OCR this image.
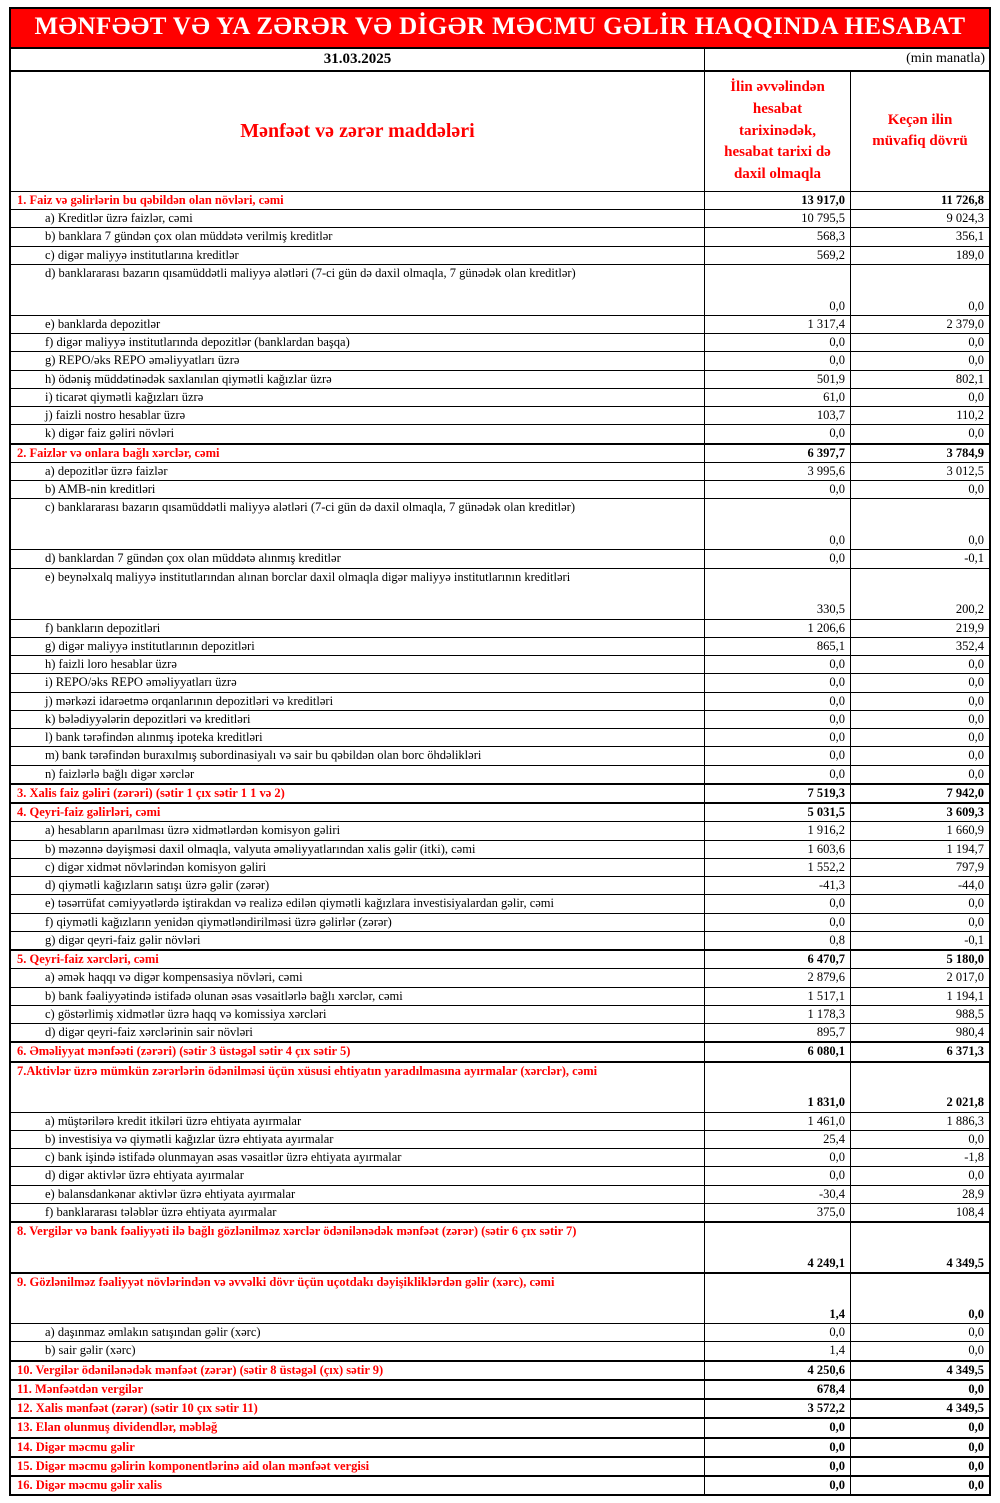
MƏNFƏƏT VƏ YA ZƏRƏR VƏ DİGƏR MƏCMU GƏLİR HAQQINDA HESABAT
31.03.2025	(min manatla)
Mənfəət və zərər maddələri
İlin əvvəlindən hesabat tarixinədək, hesabat tarixi də daxil olmaqla
Keçən ilin müvafiq dövrü
1. Faiz və gəlirlərin bu qəbildən olan növləri, cəmi	13 917,0	11 726,8
a) Kreditlər üzrə faizlər, cəmi	10 795,5	9 024,3
b) banklara 7 gündən çox olan müddətə verilmiş kreditlər	568,3	356,1
c) digər maliyyə institutlarına kreditlər	569,2	189,0
d) banklararası bazarın qısamüddətli maliyyə alətləri (7-ci gün də daxil olmaqla, 7 günədək olan kreditlər)
0,0	0,0
e) banklarda depozitlər	1 317,4	2 379,0
f) digər maliyyə institutlarında depozitlər (banklardan başqa)	0,0	0,0
g) REPO/əks REPO əməliyyatları üzrə	0,0	0,0
h) ödəniş müddətinədək saxlanılan qiymətli kağızlar üzrə	501,9	802,1
i) ticarət qiymətli kağızları üzrə	61,0	0,0
j) faizli nostro hesablar üzrə	103,7	110,2
k) digər faiz gəliri növləri	0,0	0,0
2. Faizlər və onlara bağlı xərclər, cəmi	6 397,7	3 784,9
a) depozitlər üzrə faizlər	3 995,6	3 012,5
b) AMB-nin kreditləri	0,0	0,0
c) banklararası bazarın qısamüddətli maliyyə alətləri (7-ci gün də daxil olmaqla, 7 günədək olan kreditlər)
0,0	0,0
d) banklardan 7 gündən çox olan müddətə alınmış kreditlər	0,0	-0,1
e) beynəlxalq maliyyə institutlarından alınan borclar daxil olmaqla digər maliyyə institutlarının kreditləri
330,5	200,2
f) bankların depozitləri	1 206,6	219,9
g) digər maliyyə institutlarının depozitləri	865,1	352,4
h) faizli loro hesablar üzrə	0,0	0,0
i) REPO/əks REPO əməliyyatları üzrə	0,0	0,0
j) mərkəzi idarəetmə orqanlarının depozitləri və kreditləri	0,0	0,0
k) bələdiyyələrin depozitləri və kreditləri	0,0	0,0
l) bank tərəfindən alınmış ipoteka kreditləri	0,0	0,0
m) bank tərəfindən buraxılmış subordinasiyalı və sair bu qəbildən olan borc öhdəlikləri	0,0	0,0
n) faizlərlə bağlı digər xərclər	0,0	0,0
3. Xalis faiz gəliri (zərəri) (sətir 1 çıx sətir 1 1 və 2)	7 519,3	7 942,0
4. Qeyri-faiz gəlirləri, cəmi	5 031,5	3 609,3
a) hesabların aparılması üzrə xidmətlərdən komisyon gəliri	1 916,2	1 660,9
b) məzənnə dəyişməsi daxil olmaqla, valyuta əməliyyatlarından xalis gəlir (itki), cəmi	1 603,6	1 194,7
c) digər xidmət növlərindən komisyon gəliri	1 552,2	797,9
d) qiymətli kağızların satışı üzrə gəlir (zərər)	-41,3	-44,0
e) təsərrüfat cəmiyyətlərdə iştirakdan və realizə edilən qiymətli kağızlara investisiyalardan gəlir, cəmi	0,0	0,0
f) qiymətli kağızların yenidən qiymətləndirilməsi üzrə gəlirlər (zərər)	0,0	0,0
g) digər qeyri-faiz gəlir növləri	0,8	-0,1
5. Qeyri-faiz xərcləri, cəmi	6 470,7	5 180,0
a) əmək haqqı və digər kompensasiya növləri, cəmi	2 879,6	2 017,0
b) bank fəaliyyətində istifadə olunan əsas vəsaitlərlə bağlı xərclər, cəmi	1 517,1	1 194,1
c) göstərlimiş xidmətlər üzrə haqq və komissiya xərcləri	1 178,3	988,5
d) digər qeyri-faiz xərclərinin sair növləri	895,7	980,4
6. Əməliyyat mənfəəti (zərəri) (sətir 3 üstəgəl sətir 4 çıx sətir 5)	6 080,1	6 371,3
7.Aktivlər üzrə mümkün zərərlərin ödənilməsi üçün xüsusi ehtiyatın yaradılmasına ayırmalar (xərclər), cəmi
1 831,0	2 021,8
a) müştərilərə kredit itkiləri üzrə ehtiyata ayırmalar	1 461,0	1 886,3
b) investisiya və qiymətli kağızlar üzrə ehtiyata ayırmalar	25,4	0,0
c) bank işində istifadə olunmayan əsas vəsaitlər üzrə ehtiyata ayırmalar	0,0	-1,8
d) digər aktivlər üzrə ehtiyata ayırmalar	0,0	0,0
e) balansdankənar aktivlər üzrə ehtiyata ayırmalar	-30,4	28,9
f) banklararası tələblər üzrə ehtiyata ayırmalar	375,0	108,4
8. Vergilər və bank fəaliyyəti ilə bağlı gözlənilməz xərclər ödənilənədək mənfəət (zərər) (sətir 6 çıx sətir 7)
4 249,1	4 349,5
9. Gözlənilməz fəaliyyət növlərindən və əvvəlki dövr üçün uçotdakı dəyişikliklərdən gəlir (xərc), cəmi
1,4	0,0
a) daşınmaz əmlakın satışından gəlir (xərc)	0,0	0,0
b) sair gəlir (xərc)	1,4	0,0
10. Vergilər ödənilənədək mənfəət (zərər) (sətir 8 üstəgəl (çıx) sətir 9)	4 250,6	4 349,5
11. Mənfəətdən vergilər	678,4	0,0
12. Xalis mənfəət (zərər) (sətir 10 çıx sətir 11)	3 572,2	4 349,5
13. Elan olunmuş dividendlər, məbləğ	0,0	0,0
14. Digər məcmu gəlir	0,0	0,0
15. Digər məcmu gəlirin komponentlərinə aid olan mənfəət vergisi	0,0	0,0
16. Digər məcmu gəlir xalis	0,0	0,0
